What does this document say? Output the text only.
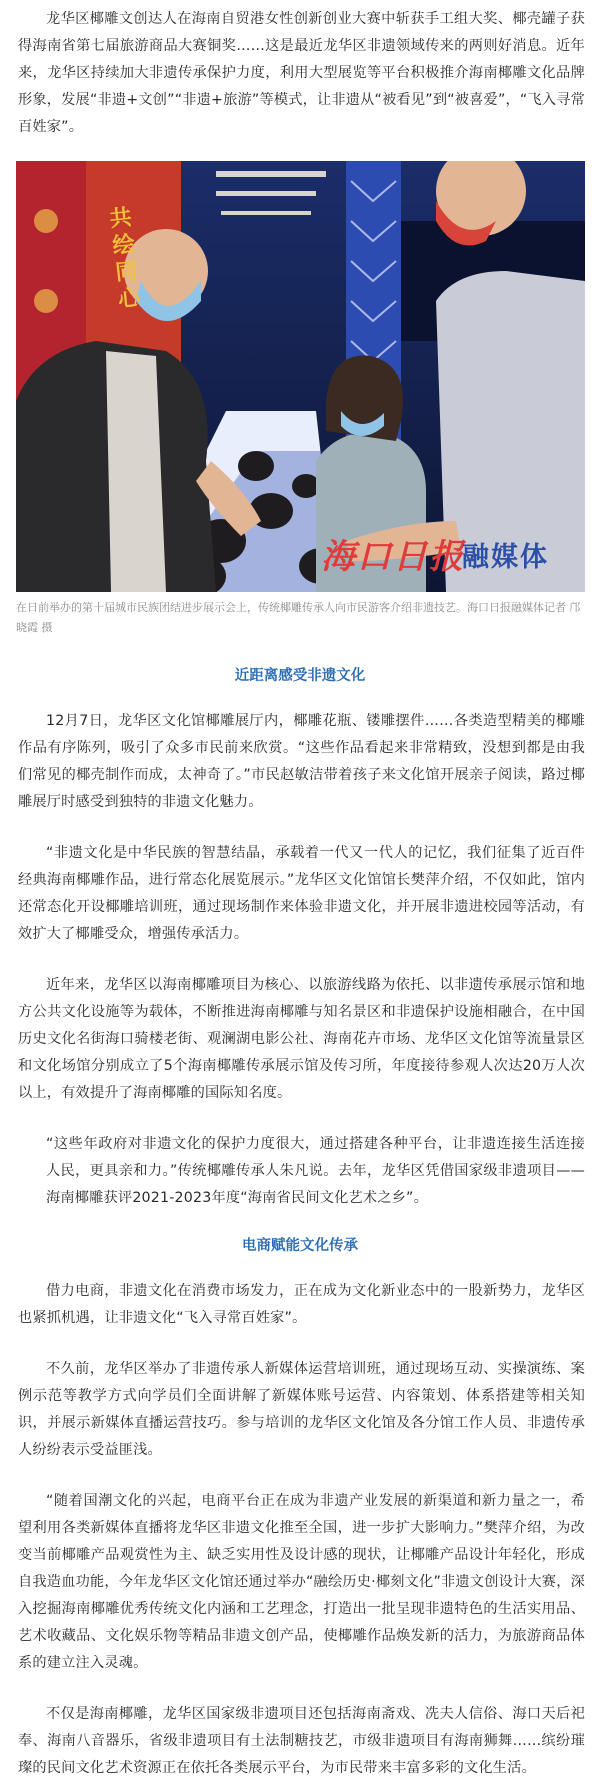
龙华区椰雕文创达人在海南自贸港女性创新创业大赛中斩获手工组大奖、椰壳罐子获得海南省第七届旅游商品大赛铜奖……这是最近龙华区非遗领域传来的两则好消息。近年来，龙华区持续加大非遗传承保护力度，利用大型展览等平台积极推介海南椰雕文化品牌形象，发展“非遗+文创”“非遗+旅游”等模式，让非遗从“被看见”到“被喜爱”，“飞入寻常百姓家”。

共绘同心
海口日报
融媒体
在日前举办的第十届城市民族团结进步展示会上，传统椰雕传承人向市民游客介绍非遗技艺。海口日报融媒体记者 邝晓霞 摄
近距离感受非遗文化

12月7日，龙华区文化馆椰雕展厅内，椰雕花瓶、镂雕摆件……各类造型精美的椰雕作品有序陈列，吸引了众多市民前来欣赏。“这些作品看起来非常精致，没想到都是由我们常见的椰壳制作而成，太神奇了。”市民赵敏洁带着孩子来文化馆开展亲子阅读，路过椰雕展厅时感受到独特的非遗文化魅力。

“非遗文化是中华民族的智慧结晶，承载着一代又一代人的记忆，我们征集了近百件经典海南椰雕作品，进行常态化展览展示。”龙华区文化馆馆长樊萍介绍，不仅如此，馆内还常态化开设椰雕培训班，通过现场制作来体验非遗文化，并开展非遗进校园等活动，有效扩大了椰雕受众，增强传承活力。

近年来，龙华区以海南椰雕项目为核心、以旅游线路为依托、以非遗传承展示馆和地方公共文化设施等为载体，不断推进海南椰雕与知名景区和非遗保护设施相融合，在中国历史文化名街海口骑楼老街、观澜湖电影公社、海南花卉市场、龙华区文化馆等流量景区和文化场馆分别成立了5个海南椰雕传承展示馆及传习所，年度接待参观人次达20万人次以上，有效提升了海南椰雕的国际知名度。

“这些年政府对非遗文化的保护力度很大，通过搭建各种平台，让非遗连接生活连接人民，更具亲和力。”传统椰雕传承人朱凡说。去年，龙华区凭借国家级非遗项目——海南椰雕获评2021-2023年度“海南省民间文化艺术之乡”。

电商赋能文化传承

借力电商，非遗文化在消费市场发力，正在成为文化新业态中的一股新势力，龙华区也紧抓机遇，让非遗文化“飞入寻常百姓家”。

不久前，龙华区举办了非遗传承人新媒体运营培训班，通过现场互动、实操演练、案例示范等教学方式向学员们全面讲解了新媒体账号运营、内容策划、体系搭建等相关知识，并展示新媒体直播运营技巧。参与培训的龙华区文化馆及各分馆工作人员、非遗传承人纷纷表示受益匪浅。

“随着国潮文化的兴起，电商平台正在成为非遗产业发展的新渠道和新力量之一，希望利用各类新媒体直播将龙华区非遗文化推至全国，进一步扩大影响力。”樊萍介绍，为改变当前椰雕产品观赏性为主、缺乏实用性及设计感的现状，让椰雕产品设计年轻化，形成自我造血功能，今年龙华区文化馆还通过举办“融绘历史·椰刻文化”非遗文创设计大赛，深入挖掘海南椰雕优秀传统文化内涵和工艺理念，打造出一批呈现非遗特色的生活实用品、艺术收藏品、文化娱乐物等精品非遗文创产品，使椰雕作品焕发新的活力，为旅游商品体系的建立注入灵魂。

不仅是海南椰雕，龙华区国家级非遗项目还包括海南斋戏、冼夫人信俗、海口天后祀奉、海南八音器乐，省级非遗项目有土法制糖技艺，市级非遗项目有海南狮舞……缤纷璀璨的民间文化艺术资源正在依托各类展示平台，为市民带来丰富多彩的文化生活。
